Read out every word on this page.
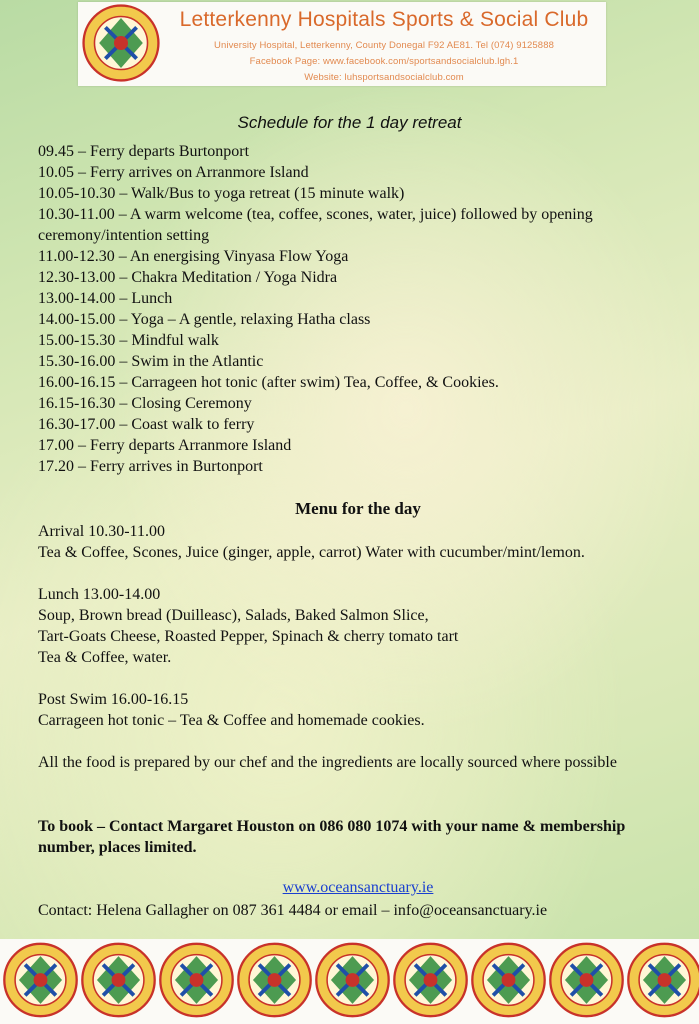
Letterkenny Hospitals Sports & Social Club
University Hospital, Letterkenny, County Donegal F92 AE81. Tel (074) 9125888
Facebook Page: www.facebook.com/sportsandsocialclub.lgh.1
Website: luhsportsandsocialclub.com
Schedule for the 1 day retreat
09.45 – Ferry departs Burtonport
10.05 – Ferry arrives on Arranmore Island
10.05-10.30 – Walk/Bus to yoga retreat (15 minute walk)
10.30-11.00 – A warm welcome (tea, coffee, scones, water, juice) followed by opening ceremony/intention setting
11.00-12.30 – An energising Vinyasa Flow Yoga
12.30-13.00 – Chakra Meditation / Yoga Nidra
13.00-14.00 – Lunch
14.00-15.00 – Yoga – A gentle, relaxing Hatha class
15.00-15.30 – Mindful walk
15.30-16.00 – Swim in the Atlantic
16.00-16.15 – Carrageen hot tonic (after swim) Tea, Coffee, & Cookies.
16.15-16.30 – Closing Ceremony
16.30-17.00 – Coast walk to ferry
17.00 – Ferry departs Arranmore Island
17.20 – Ferry arrives in Burtonport
Menu for the day
Arrival 10.30-11.00
Tea & Coffee, Scones, Juice (ginger, apple, carrot) Water with cucumber/mint/lemon.
Lunch 13.00-14.00
Soup, Brown bread (Duilleasc), Salads, Baked Salmon Slice,
Tart-Goats Cheese, Roasted Pepper, Spinach & cherry tomato tart
Tea & Coffee, water.
Post Swim 16.00-16.15
Carrageen hot tonic – Tea & Coffee and homemade cookies.
All the food is prepared by our chef and the ingredients are locally sourced where possible
To book – Contact Margaret Houston on 086 080 1074 with your name & membership number, places limited.
www.oceansanctuary.ie
Contact: Helena Gallagher on 087 361 4484 or email – info@oceansanctuary.ie
